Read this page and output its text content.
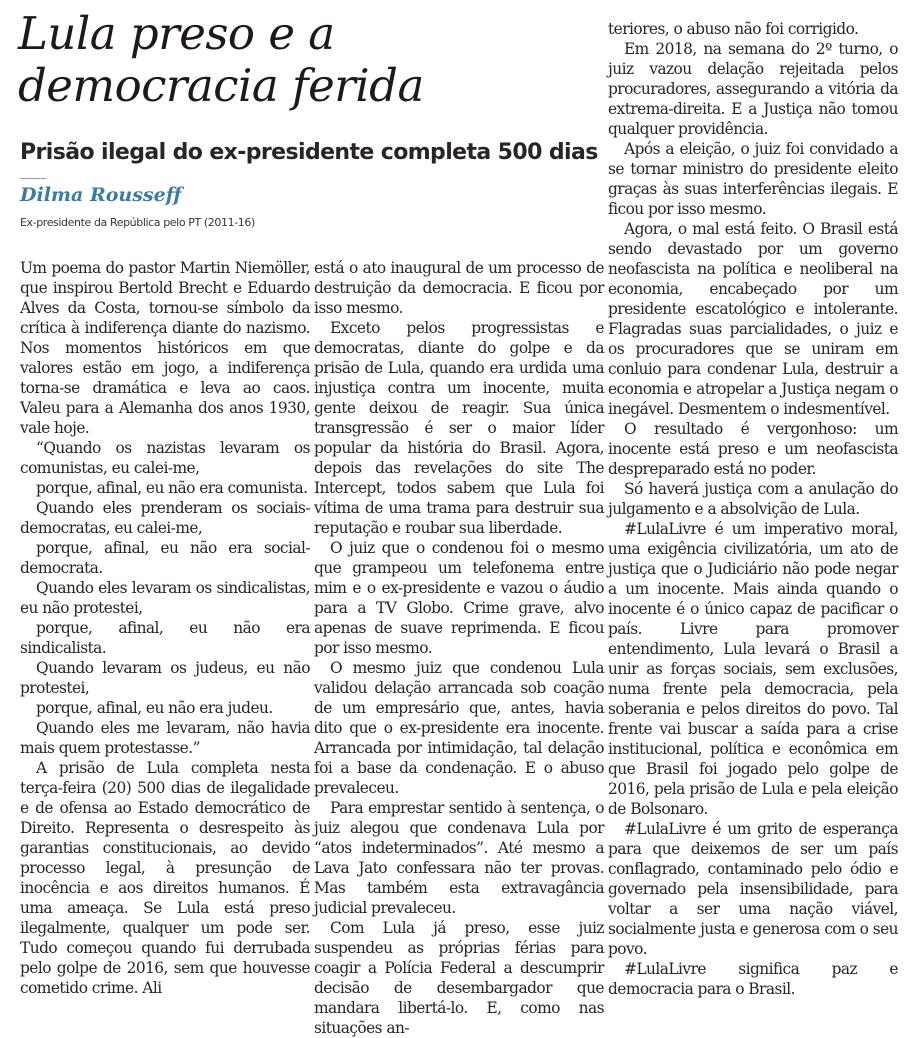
Lula preso e a democracia ferida
Prisão ilegal do ex-presidente completa 500 dias
Dilma Rousseff
Ex-presidente da República pelo PT (2011-16)

Um poema do pastor Martin Niemöller, que inspirou Bertold Brecht e Eduardo Alves da Costa, tornou-se símbolo da crítica à indiferença diante do nazismo. Nos momentos históricos em que valores estão em jogo, a indiferença torna-se dramática e leva ao caos. Valeu para a Alemanha dos anos 1930, vale hoje.

“Quando os nazistas levaram os comunistas, eu calei-me,

porque, afinal, eu não era comunista.

Quando eles prenderam os sociais-democratas, eu calei-me,

porque, afinal, eu não era social-democrata.

Quando eles levaram os sindicalistas, eu não protestei,

porque, afinal, eu não era sindicalista.

Quando levaram os judeus, eu não protestei,

porque, afinal, eu não era judeu.

Quando eles me levaram, não havia mais quem protestasse.”

A prisão de Lula completa nesta terça-feira (20) 500 dias de ilegalidade e de ofensa ao Estado democrático de Direito. Representa o desrespeito às garantias constitucionais, ao devido processo legal, à presunção de inocência e aos direitos humanos. É uma ameaça. Se Lula está preso ilegalmente, qualquer um pode ser. Tudo começou quando fui derrubada pelo golpe de 2016, sem que houvesse cometido crime. Ali

está o ato inaugural de um processo de destruição da democracia. E ficou por isso mesmo.

Exceto pelos progressistas e democratas, diante do golpe e da prisão de Lula, quando era urdida uma injustiça contra um inocente, muita gente deixou de reagir. Sua única transgressão é ser o maior líder popular da história do Brasil. Agora, depois das revelações do site The Intercept, todos sabem que Lula foi vítima de uma trama para destruir sua reputação e roubar sua liberdade.

O juiz que o condenou foi o mesmo que grampeou um telefonema entre mim e o ex-presidente e vazou o áudio para a TV Globo. Crime grave, alvo apenas de suave reprimenda. E ficou por isso mesmo.

O mesmo juiz que condenou Lula validou delação arrancada sob coação de um empresário que, antes, havia dito que o ex-presidente era inocente. Arrancada por intimidação, tal delação foi a base da condenação. E o abuso prevaleceu.

Para emprestar sentido à sentença, o juiz alegou que condenava Lula por “atos indeterminados”. Até mesmo a Lava Jato confessara não ter provas. Mas também esta extravagância judicial prevaleceu.

Com Lula já preso, esse juiz suspendeu as próprias férias para coagir a Polícia Federal a descumprir decisão de desembargador que mandara libertá-lo. E, como nas situações an-

teriores, o abuso não foi corrigido.

Em 2018, na semana do 2º turno, o juiz vazou delação rejeitada pelos procuradores, assegurando a vitória da extrema-direita. E a Justiça não tomou qualquer providência.

Após a eleição, o juiz foi convidado a se tornar ministro do presidente eleito graças às suas interferências ilegais. E ficou por isso mesmo.

Agora, o mal está feito. O Brasil está sendo devastado por um governo neofascista na política e neoliberal na economia, encabeçado por um presidente escatológico e intolerante. Flagradas suas parcialidades, o juiz e os procuradores que se uniram em conluio para condenar Lula, destruir a economia e atropelar a Justiça negam o inegável. Desmentem o indesmentível.

O resultado é vergonhoso: um inocente está preso e um neofascista despreparado está no poder.

Só haverá justiça com a anulação do julgamento e a absolvição de Lula.

#LulaLivre é um imperativo moral, uma exigência civilizatória, um ato de justiça que o Judiciário não pode negar a um inocente. Mais ainda quando o inocente é o único capaz de pacificar o país. Livre para promover entendimento, Lula levará o Brasil a unir as forças sociais, sem exclusões, numa frente pela democracia, pela soberania e pelos direitos do povo. Tal frente vai buscar a saída para a crise institucional, política e econômica em que Brasil foi jogado pelo golpe de 2016, pela prisão de Lula e pela eleição de Bolsonaro.

#LulaLivre é um grito de esperança para que deixemos de ser um país conflagrado, contaminado pelo ódio e governado pela insensibilidade, para voltar a ser uma nação viável, socialmente justa e generosa com o seu povo.

#LulaLivre significa paz e democracia para o Brasil.
